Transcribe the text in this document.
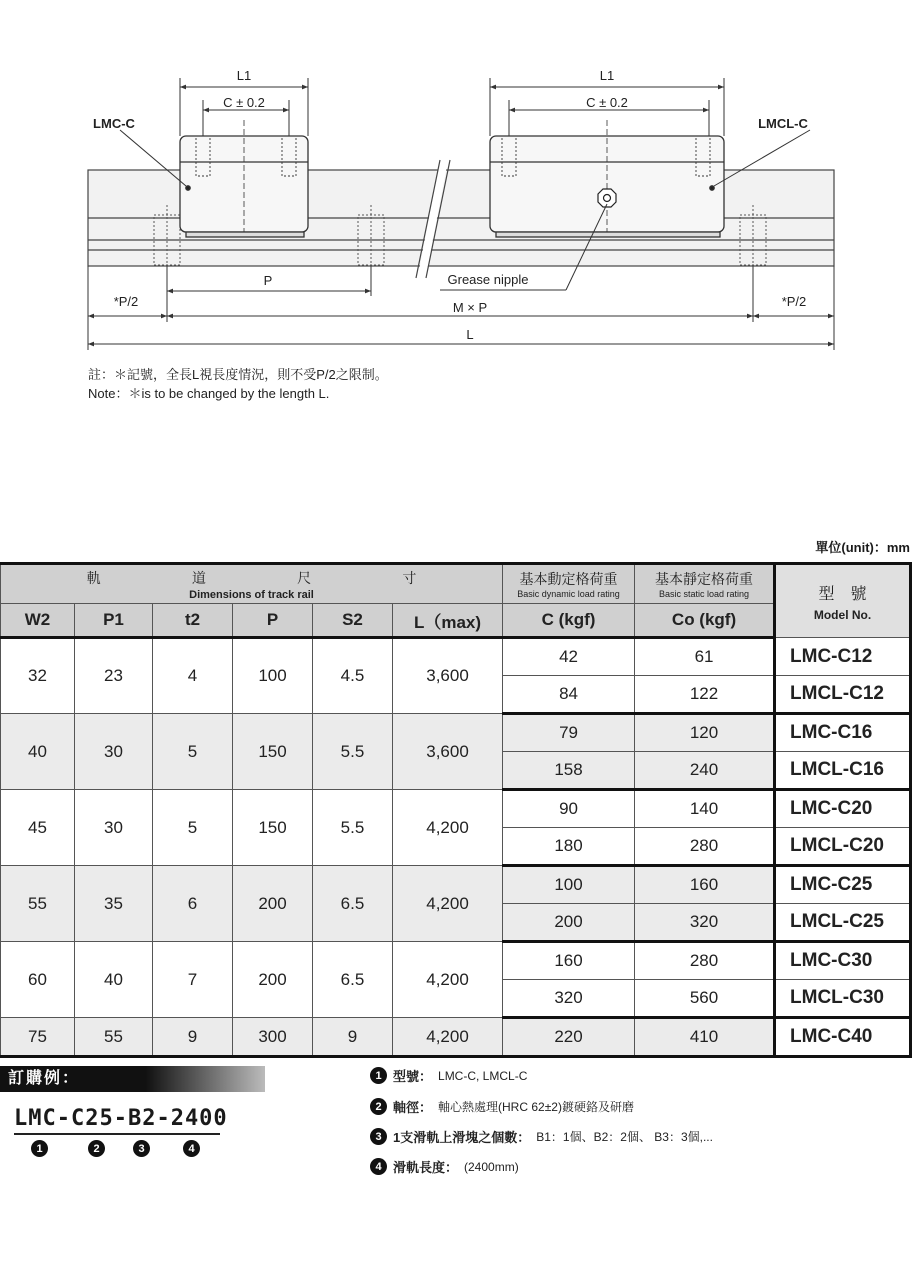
L1
C ± 0.2
L1
C ± 0.2
LMC-C	LMCL-C
Grease nipple
P
*P/2	M × P	*P/2
L
註：＊記號，全長L視長度情況，則不受P/2之限制。
Note：＊is to be changed by the length L.
單位(unit)：mm
軌 道 尺 寸
Dimensions of track rail						基本動定格荷重
Basic dynamic load rating	基本靜定格荷重
Basic static load rating	型　號
Model No.

W2	P1	t2	P	S2	L（max)	C (kgf)	Co (kgf)	
32	23	4	100	4.5	3,600	42	61	LMC-C12
						84	122	LMCL-C12
40	30	5	150	5.5	3,600	79	120	LMC-C16
						158	240	LMCL-C16
45	30	5	150	5.5	4,200	90	140	LMC-C20
						180	280	LMCL-C20
55	35	6	200	6.5	4,200	100	160	LMC-C25
						200	320	LMCL-C25
60	40	7	200	6.5	4,200	160	280	LMC-C30
						320	560	LMCL-C30
75	55	9	300	9	4,200	220	410	LMC-C40
訂購例：
LMC-C25-B2-2400
1	2	3	4
1 型號： LMC-C, LMCL-C
2 軸徑： 軸心熱處理(HRC 62±2)鍍硬鉻及研磨
3 1支滑軌上滑塊之個數： B1：1個、B2：2個、 B3：3個,...
4 滑軌長度： (2400mm)
